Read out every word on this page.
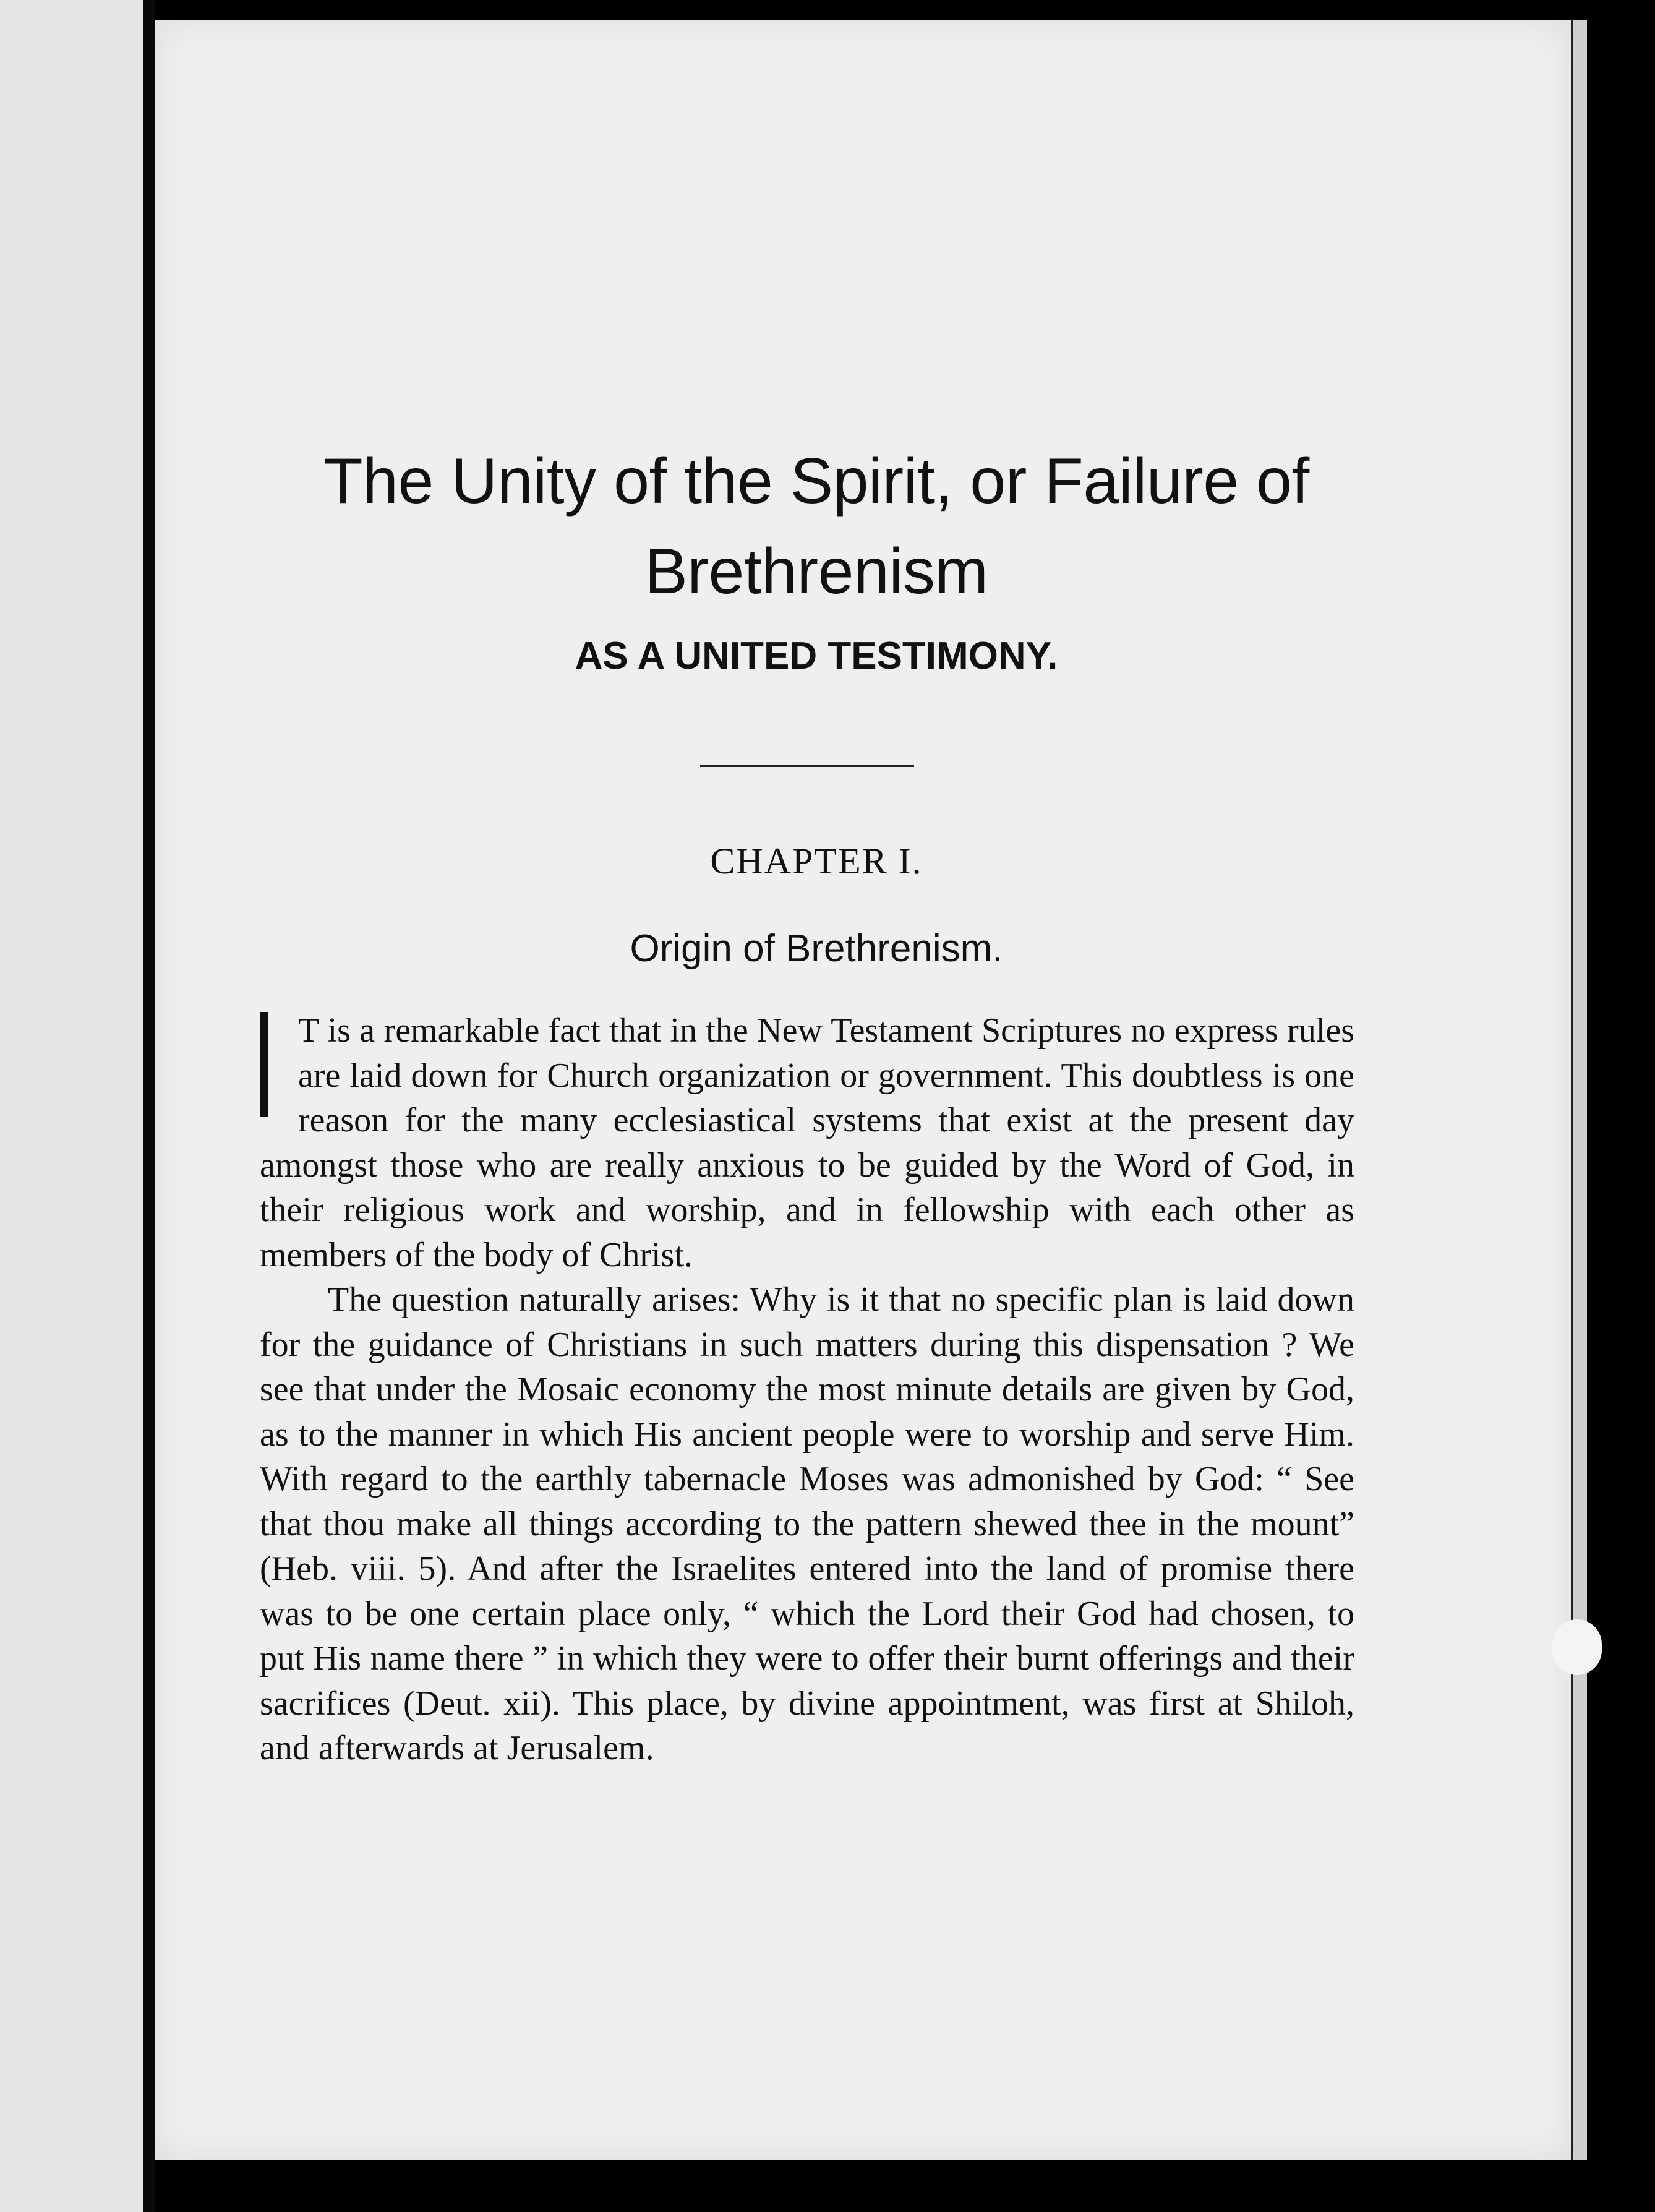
The Unity of the Spirit, or Failure of Brethrenism
AS A UNITED TESTIMONY.
CHAPTER I.
Origin of Brethrenism.

T is a remarkable fact that in the New Testament Scriptures no express rules are laid down for Church organization or government. This doubtless is one reason for the many ecclesiastical systems that exist at the present day amongst those who are really anxious to be guided by the Word of God, in their religious work and worship, and in fellowship with each other as members of the body of Christ.

The question naturally arises: Why is it that no specific plan is laid down for the guidance of Christians in such matters during this dispensation ? We see that under the Mosaic economy the most minute details are given by God, as to the manner in which His ancient people were to worship and serve Him. With regard to the earthly tabernacle Moses was admonished by God: “ See that thou make all things according to the pattern shewed thee in the mount” (Heb. viii. 5). And after the Israelites entered into the land of promise there was to be one certain place only, “ which the Lord their God had chosen, to put His name there ” in which they were to offer their burnt offerings and their sacrifices (Deut. xii). This place, by divine appointment, was first at Shiloh, and afterwards at Jerusalem.
